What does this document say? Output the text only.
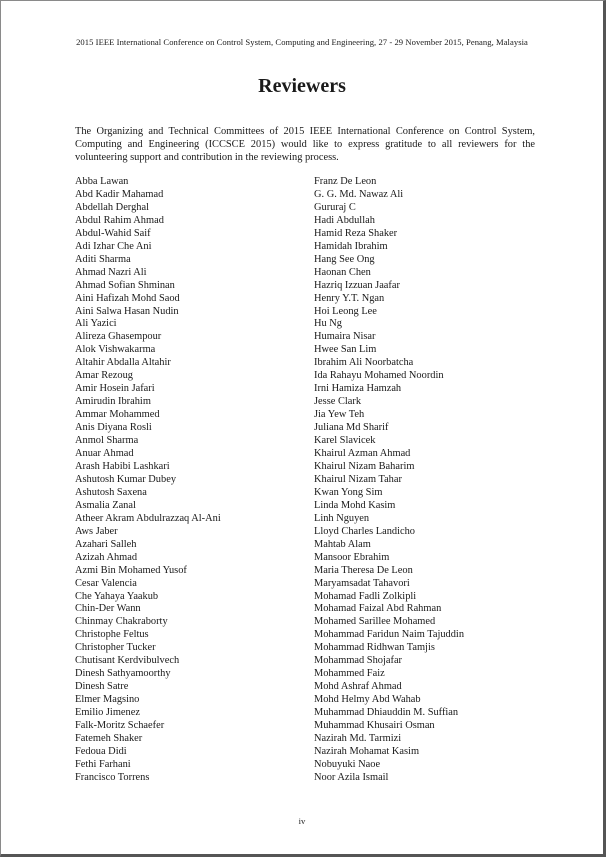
2015 IEEE International Conference on Control System, Computing and Engineering, 27 - 29 November 2015, Penang, Malaysia
Reviewers

The Organizing and Technical Committees of 2015 IEEE International Conference on Control System, Computing and Engineering (ICCSCE 2015) would like to express gratitude to all reviewers for the volunteering support and contribution in the reviewing process.

Abba Lawan
Abd Kadir Mahamad
Abdellah Derghal
Abdul Rahim Ahmad
Abdul-Wahid Saif
Adi Izhar Che Ani
Aditi Sharma
Ahmad Nazri Ali
Ahmad Sofian Shminan
Aini Hafizah Mohd Saod
Aini Salwa Hasan Nudin
Ali Yazici
Alireza Ghasempour
Alok Vishwakarma
Altahir Abdalla Altahir
Amar Rezoug
Amir Hosein Jafari
Amirudin Ibrahim
Ammar Mohammed
Anis Diyana Rosli
Anmol Sharma
Anuar Ahmad
Arash Habibi Lashkari
Ashutosh Kumar Dubey
Ashutosh Saxena
Asmalia Zanal
Atheer Akram Abdulrazzaq Al-Ani
Aws Jaber
Azahari Salleh
Azizah Ahmad
Azmi Bin Mohamed Yusof
Cesar Valencia
Che Yahaya Yaakub
Chin-Der Wann
Chinmay Chakraborty
Christophe Feltus
Christopher Tucker
Chutisant Kerdvibulvech
Dinesh Sathyamoorthy
Dinesh Satre
Elmer Magsino
Emilio Jimenez
Falk-Moritz Schaefer
Fatemeh Shaker
Fedoua Didi
Fethi Farhani
Francisco Torrens
Franz De Leon
G. G. Md. Nawaz Ali
Gururaj C
Hadi Abdullah
Hamid Reza Shaker
Hamidah Ibrahim
Hang See Ong
Haonan Chen
Hazriq Izzuan Jaafar
Henry Y.T. Ngan
Hoi Leong Lee
Hu Ng
Humaira Nisar
Hwee San Lim
Ibrahim Ali Noorbatcha
Ida Rahayu Mohamed Noordin
Irni Hamiza Hamzah
Jesse Clark
Jia Yew Teh
Juliana Md Sharif
Karel Slavicek
Khairul Azman Ahmad
Khairul Nizam Baharim
Khairul Nizam Tahar
Kwan Yong Sim
Linda Mohd Kasim
Linh Nguyen
Lloyd Charles Landicho
Mahtab Alam
Mansoor Ebrahim
Maria Theresa De Leon
Maryamsadat Tahavori
Mohamad Fadli Zolkipli
Mohamad Faizal Abd Rahman
Mohamed Sarillee Mohamed
Mohammad Faridun Naim Tajuddin
Mohammad Ridhwan Tamjis
Mohammad Shojafar
Mohammed Faiz
Mohd Ashraf Ahmad
Mohd Helmy Abd Wahab
Muhammad Dhiauddin M. Suffian
Muhammad Khusairi Osman
Nazirah Md. Tarmizi
Nazirah Mohamat Kasim
Nobuyuki Naoe
Noor Azila Ismail
iv
